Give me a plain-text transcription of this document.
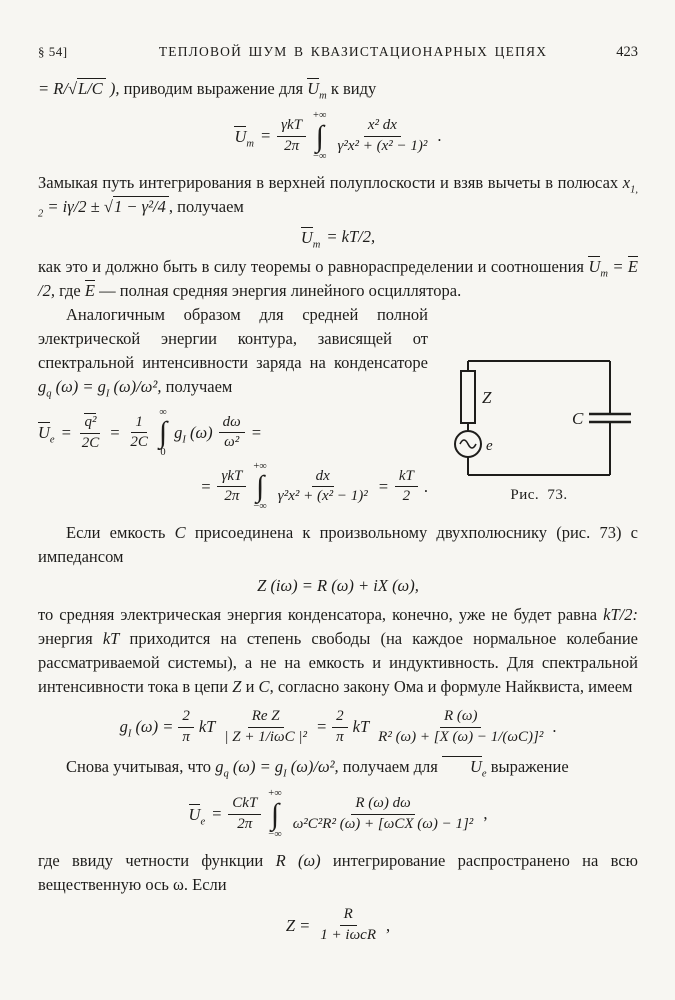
§ 54]	ТЕПЛОВОЙ ШУМ В КВАЗИСТАЦИОНАРНЫХ ЦЕПЯХ	423

= R/√L/C ), приводим выражение для $U_m$ к виду

$U_m = \frac{\text{γkT}}{2\pi}$
+∞
∫
−∞
$\frac{\text{x² dx}}{\text{γ²x² + (x² − 1)²}}$ .

Замыкая путь интегрирования в верхней полуплоскости и взяв вычеты в полюсах $x_{1, 2} = i\gamma/2 \pm √1 - \gamma^2/4$ , получаем

$U_m = kT/2$,

как это и должно быть в силу теоремы о равнораспределении и соотношения $U_m = E/2$, где E — полная средняя энергия линейного осциллятора.

Z
e
C
Рис. 73.

Аналогичным образом для средней полной электрической энергии контура, зависящей от спектральной интенсивности заряда на конденсаторе $g_q$ $(\omega) = g_I$ (ω)/ω², получаем

$U_e = \frac{\text{q²}}{2C} = \frac{1}{2C}$
∞
∫
0
$g_I$ $(\omega) \frac{d\omega}{\text{ω²}}$ =
= $\frac{\text{γkT}}{2\pi}$
+∞
∫
−∞
$\frac{dx}{\text{γ²x² + (x² − 1)²}} = \frac{kT}{2}$ .

Если емкость C присоединена к произвольному двухполюснику (рис. 73) с импедансом

Z (iω) = R (ω) + iX (ω),

то средняя электрическая энергия конденсатора, конечно, уже не будет равна kT/2: энергия kT приходится на степень свободы (на каждое нормальное колебание рассматриваемой системы), а не на емкость и индуктивность. Для спектральной интенсивности тока в цепи Z и C, согласно закону Ома и формуле Найквиста, имеем

$g_I$ $(\omega) = \frac{2}{\pi}$ kT $\frac{\text{Re Z}}{\text{| Z + 1/iωC |²}} = \frac{2}{\pi}$ kT $\frac{R (\omega)}{\text{R² (ω) + [X (ω) − 1/(ωC)]²}}$ .

Снова учитывая, что $g_q$ $(\omega) = g_I$ (ω)/ω², получаем для $U_e$ выражение

$U_e = \frac{\text{CkT}}{2\pi}$
+∞
∫
−∞
$\frac{R (\omega) d\omega}{\text{ω²C²R² (ω) + [ωCX (ω) − 1]²}}$ ,

где ввиду четности функции R (ω) интегрирование распространено на всю вещественную ось ω. Если

$Z = \frac{R}{\text{1 + iωcR}}$ ,
